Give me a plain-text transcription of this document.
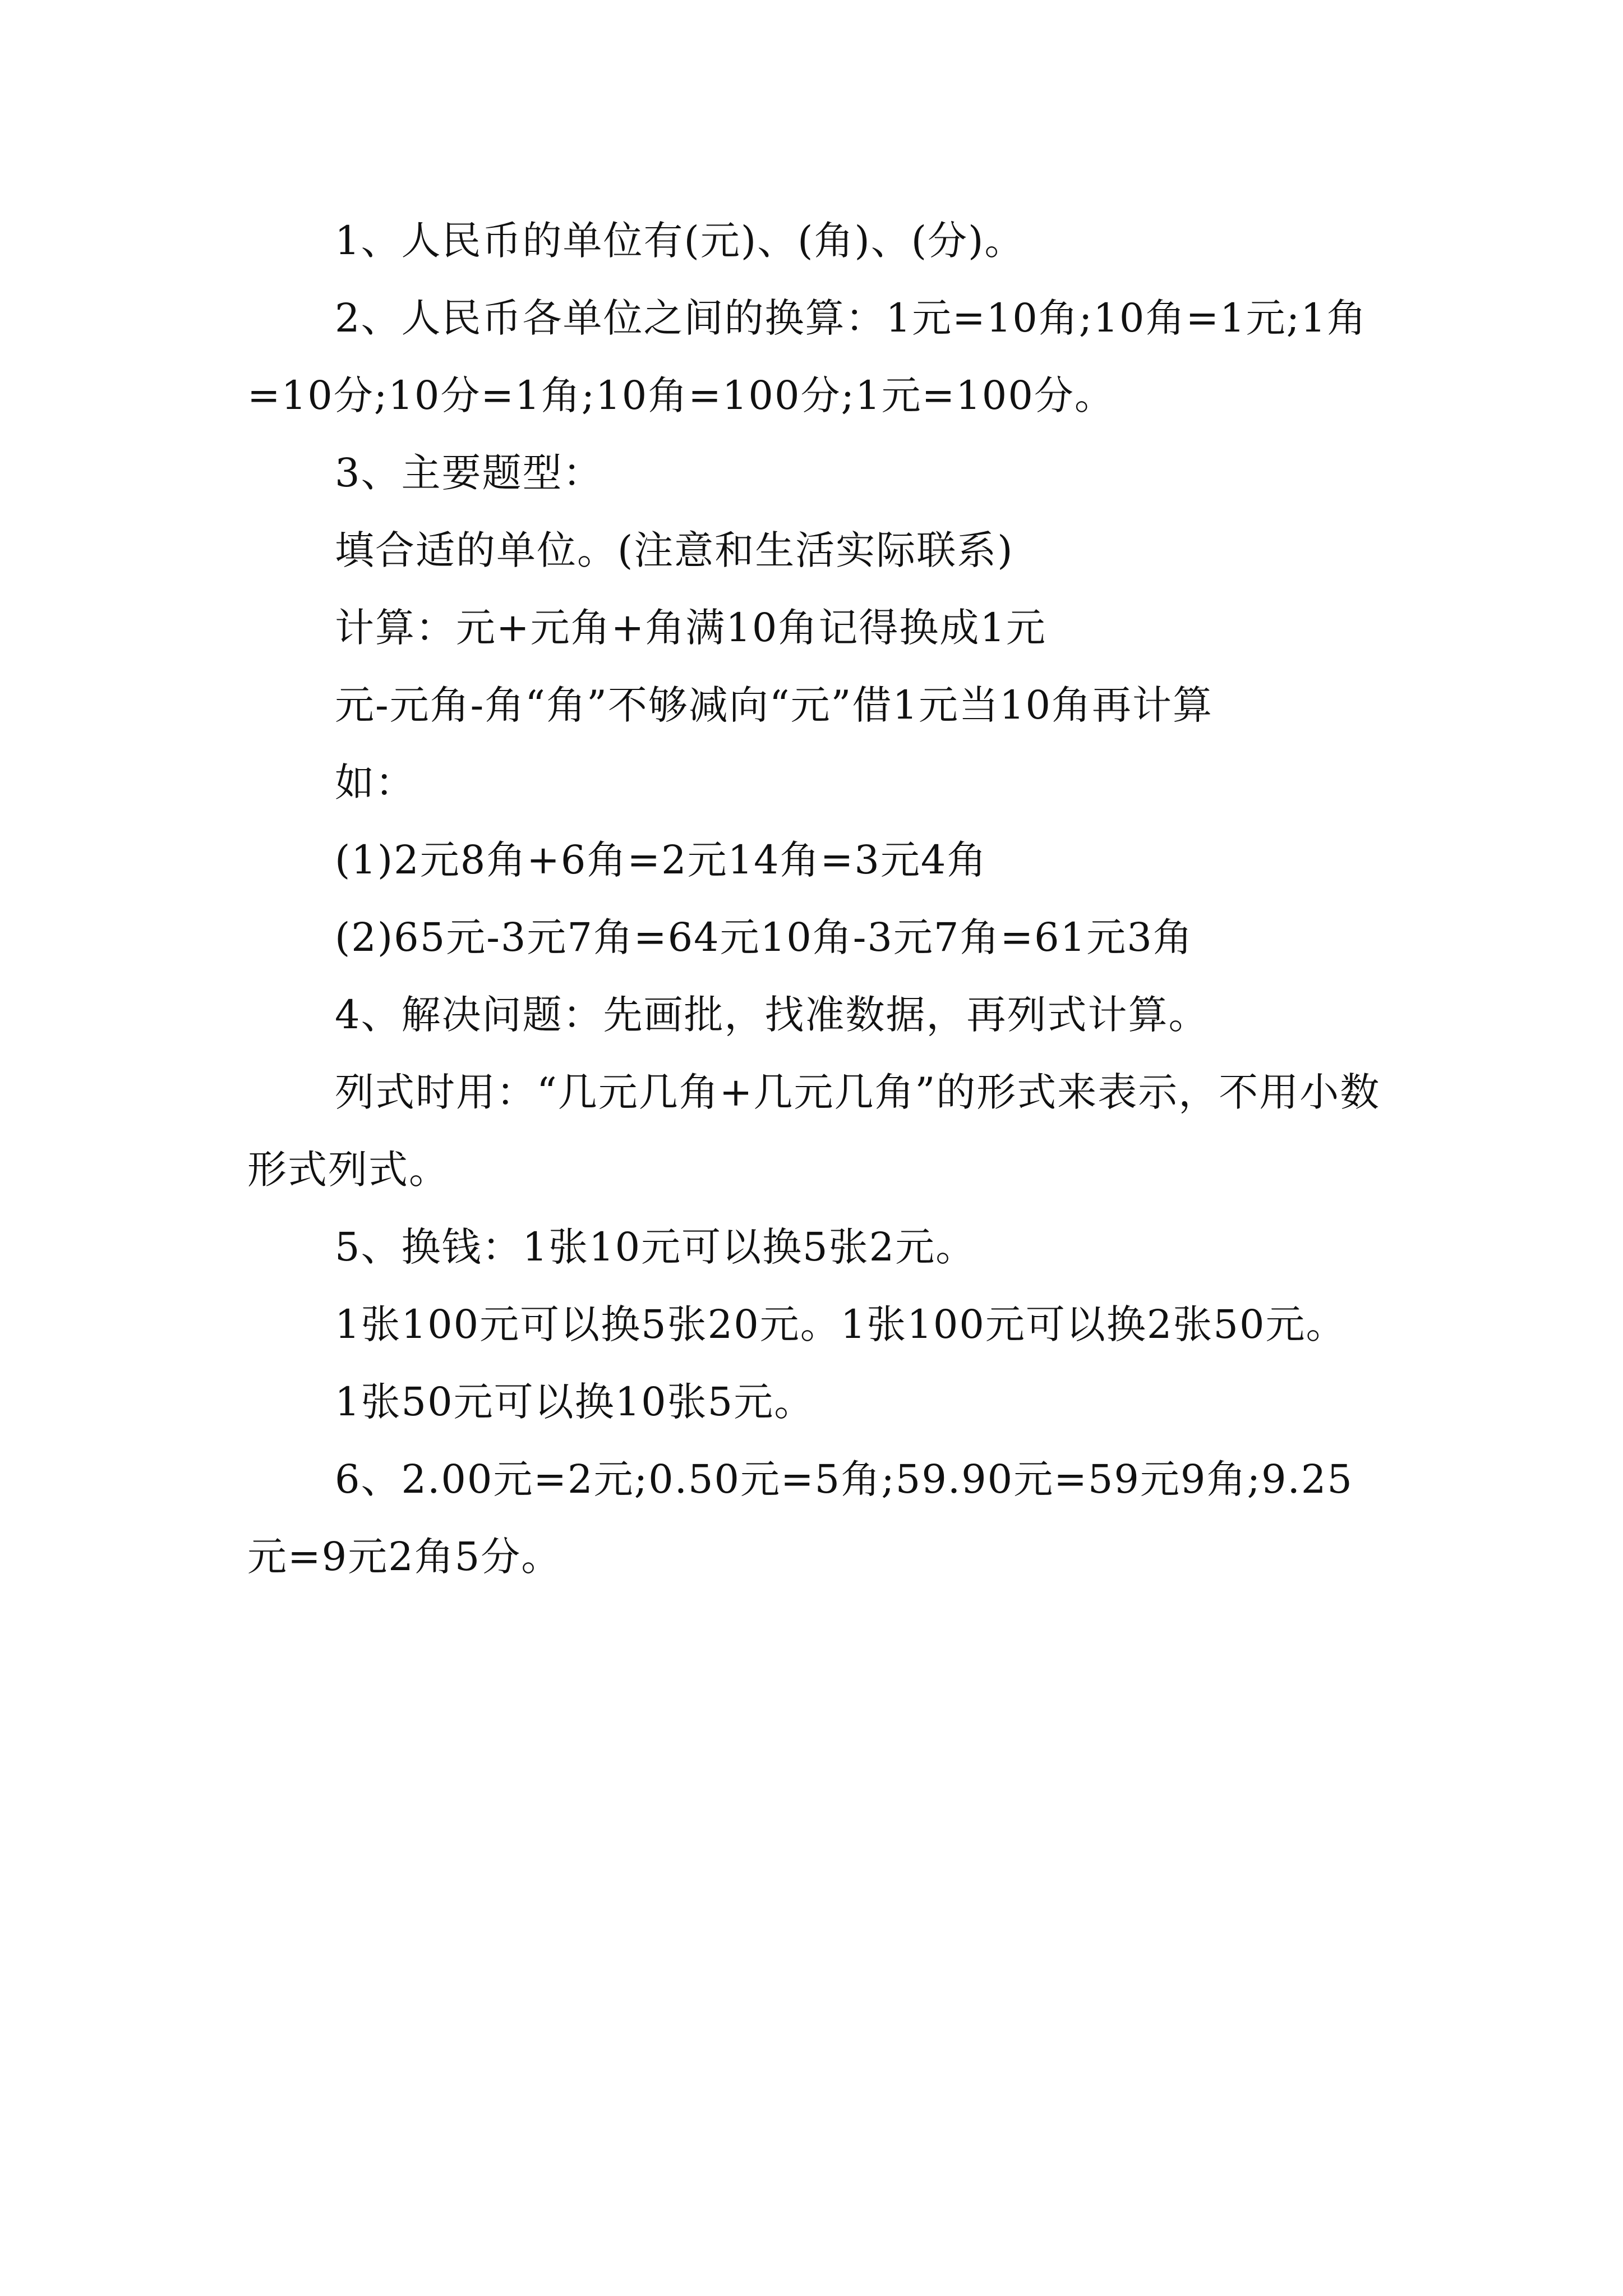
1、人民币的单位有(元)、(角)、(分)。

2、人民币各单位之间的换算：1元=10角;10角=1元;1角=10分;10分=1角;10角=100分;1元=100分。

3、主要题型：

填合适的单位。(注意和生活实际联系)

计算：元+元角+角满10角记得换成1元

元-元角-角“角”不够减向“元”借1元当10角再计算

如：

(1)2元8角+6角=2元14角=3元4角

(2)65元-3元7角=64元10角-3元7角=61元3角

4、解决问题：先画批，找准数据，再列式计算。

列式时用：“几元几角+几元几角”的形式来表示，不用小数形式列式。

5、换钱：1张10元可以换5张2元。

1张100元可以换5张20元。1张100元可以换2张50元。

1张50元可以换10张5元。

6、2.00元=2元;0.50元=5角;59.90元=59元9角;9.25元=9元2角5分。
